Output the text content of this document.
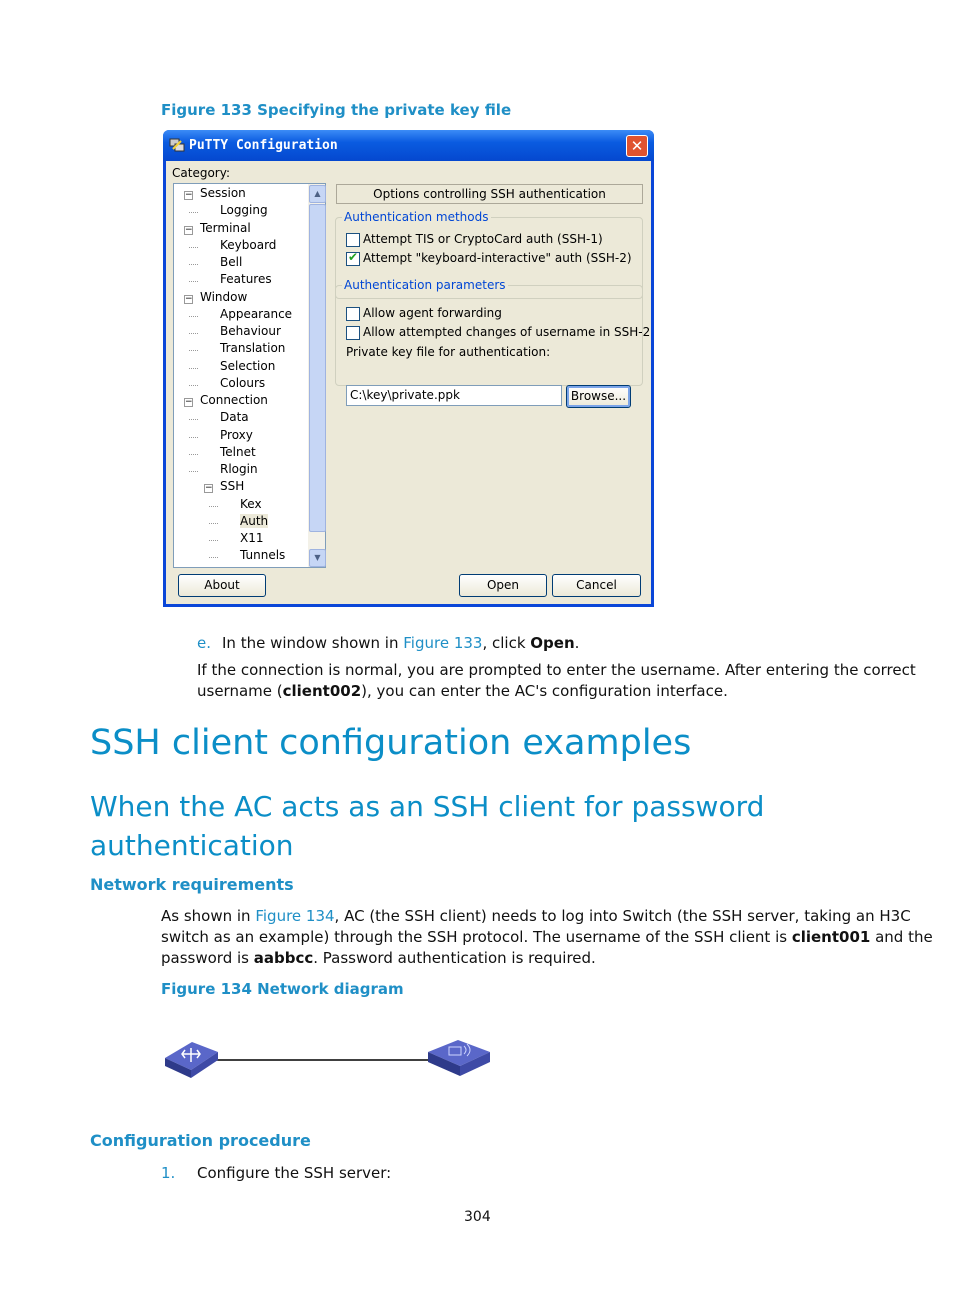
Figure 133 Specifying the private key file
PuTTY Configuration	✕
Category:
Session
−
Logging
Terminal
−
Keyboard
Bell
Features
Window
−
Appearance
Behaviour
Translation
Selection
Colours
Connection
−
Data
Proxy
Telnet
Rlogin
SSH
−
Kex
Auth
X11
Tunnels
▲
▼
Options controlling SSH authentication
Authentication methods
Attempt TIS or CryptoCard auth (SSH-1)
✔
Attempt "keyboard-interactive" auth (SSH-2)
Authentication parameters
Allow agent forwarding
Allow attempted changes of username in SSH-2
Private key file for authentication:
C:\key\private.ppk	Browse...
About	Open	Cancel
e. In the window shown in Figure 133, click Open.
If the connection is normal, you are prompted to enter the username. After entering the correct
username (client002), you can enter the AC's configuration interface.
SSH client configuration examples
When the AC acts as an SSH client for password
authentication
Network requirements
As shown in Figure 134, AC (the SSH client) needs to log into Switch (the SSH server, taking an H3C
switch as an example) through the SSH protocol. The username of the SSH client is client001 and the
password is aabbcc. Password authentication is required.
Figure 134 Network diagram
Configuration procedure
1. Configure the SSH server:
304
